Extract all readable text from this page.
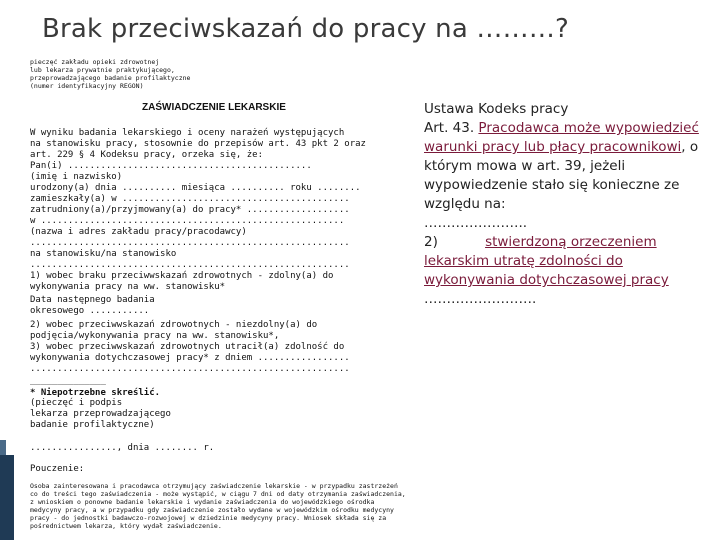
Brak przeciwskazań do pracy na ………?
pieczęć zakładu opieki zdrowotnej
lub lekarza prywatnie praktykującego,
przeprowadzającego badanie profilaktyczne
(numer identyfikacyjny REGON)
ZAŚWIADCZENIE LEKARSKIE
W wyniku badania lekarskiego i oceny narażeń występujących
na stanowisku pracy, stosownie do przepisów art. 43 pkt 2 oraz
art. 229 § 4 Kodeksu pracy, orzeka się, że:
Pan(i) .............................................
(imię i nazwisko)
urodzony(a) dnia .......... miesiąca .......... roku ........
zamieszkały(a) w ..........................................
zatrudniony(a)/przyjmowany(a) do pracy* ...................
w ........................................................
(nazwa i adres zakładu pracy/pracodawcy)
...........................................................
na stanowisku/na stanowisko
...........................................................
1) wobec braku przeciwwskazań zdrowotnych - zdolny(a) do
wykonywania pracy na ww. stanowisku*
Data następnego badania
okresowego ...........
2) wobec przeciwwskazań zdrowotnych - niezdolny(a) do
podjęcia/wykonywania pracy na ww. stanowisku*,
3) wobec przeciwwskazań zdrowotnych utracił(a) zdolność do
wykonywania dotychczasowej pracy* z dniem .................
...........................................................
______________
* Niepotrzebne skreślić.
(pieczęć i podpis
lekarza przeprowadzającego
badanie profilaktyczne)
................, dnia ........ r.
Pouczenie:
Osoba zainteresowana i pracodawca otrzymujący zaświadczenie lekarskie - w przypadku zastrzeżeń
co do treści tego zaświadczenia - może wystąpić, w ciągu 7 dni od daty otrzymania zaświadczenia,
z wnioskiem o ponowne badanie lekarskie i wydanie zaświadczenia do wojewódzkiego ośrodka
medycyny pracy, a w przypadku gdy zaświadczenie zostało wydane w wojewódzkim ośrodku medycyny
pracy - do jednostki badawczo-rozwojowej w dziedzinie medycyny pracy. Wniosek składa się za
pośrednictwem lekarza, który wydał zaświadczenie.

Ustawa Kodeks pracy

Art. 43. Pracodawca może wypowiedzieć warunki pracy lub płacy pracownikowi, o którym mowa w art. 39, jeżeli wypowiedzenie stało się konieczne ze względu na:

…………………..

2)           stwierdzoną orzeczeniem lekarskim utratę zdolności do wykonywania dotychczasowej pracy

…………………….
